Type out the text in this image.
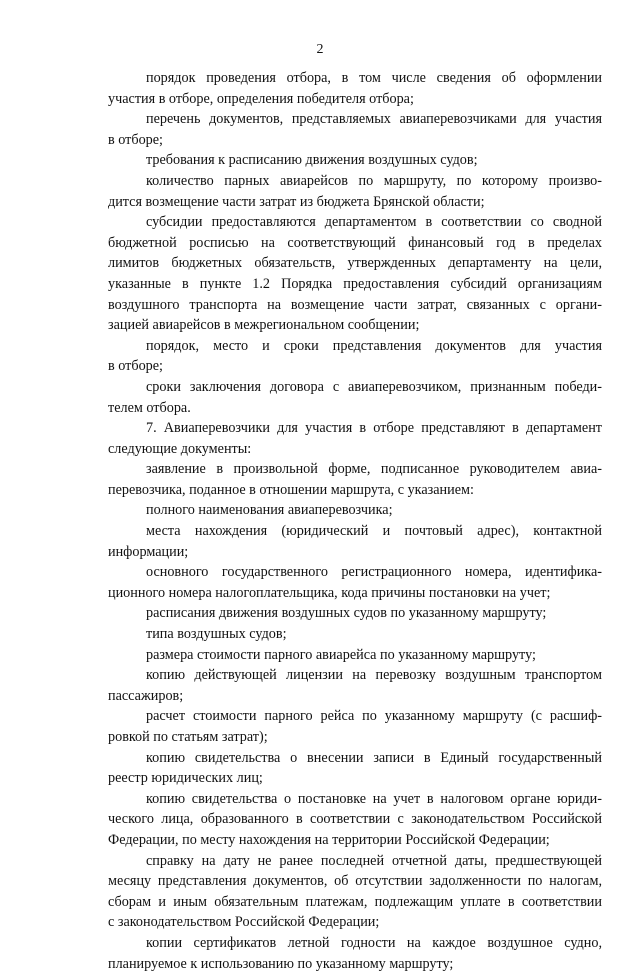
2
порядок проведения отбора, в том числе сведения об оформлении
участия в отборе, определения победителя отбора;
перечень документов, представляемых авиаперевозчиками для участия
в отборе;
требования к расписанию движения воздушных судов;
количество парных авиарейсов по маршруту, по которому произво-
дится возмещение части затрат из бюджета Брянской области;
субсидии предоставляются департаментом в соответствии со сводной
бюджетной росписью на соответствующий финансовый год в пределах
лимитов бюджетных обязательств, утвержденных департаменту на цели,
указанные в пункте 1.2 Порядка предоставления субсидий организациям
воздушного транспорта на возмещение части затрат, связанных с органи-
зацией авиарейсов в межрегиональном сообщении;
порядок, место и сроки представления документов для участия
в отборе;
сроки заключения договора с авиаперевозчиком, признанным победи-
телем отбора.
7. Авиаперевозчики для участия в отборе представляют в департамент
следующие документы:
заявление в произвольной форме, подписанное руководителем авиа-
перевозчика, поданное в отношении маршрута, с указанием:
полного наименования авиаперевозчика;
места нахождения (юридический и почтовый адрес), контактной
информации;
основного государственного регистрационного номера, идентифика-
ционного номера налогоплательщика, кода причины постановки на учет;
расписания движения воздушных судов по указанному маршруту;
типа воздушных судов;
размера стоимости парного авиарейса по указанному маршруту;
копию действующей лицензии на перевозку воздушным транспортом
пассажиров;
расчет стоимости парного рейса по указанному маршруту (с расшиф-
ровкой по статьям затрат);
копию свидетельства о внесении записи в Единый государственный
реестр юридических лиц;
копию свидетельства о постановке на учет в налоговом органе юриди-
ческого лица, образованного в соответствии с законодательством Российской
Федерации, по месту нахождения на территории Российской Федерации;
справку на дату не ранее последней отчетной даты, предшествующей
месяцу представления документов, об отсутствии задолженности по налогам,
сборам и иным обязательным платежам, подлежащим уплате в соответствии
с законодательством Российской Федерации;
копии сертификатов летной годности на каждое воздушное судно,
планируемое к использованию по указанному маршруту;
